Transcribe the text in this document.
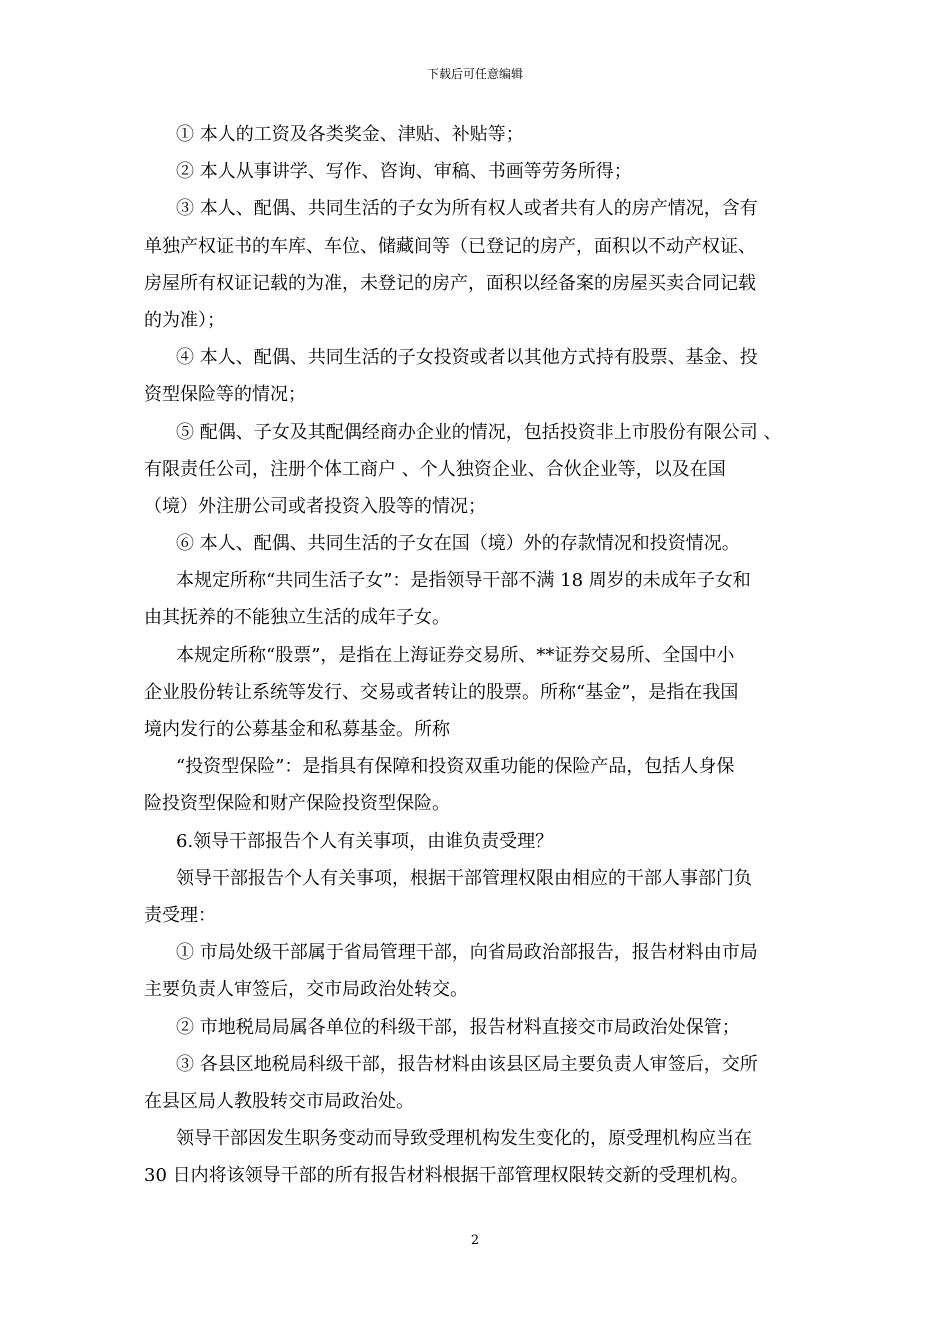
下载后可任意编辑
① 本人的工资及各类奖金、津贴、补贴等；
② 本人从事讲学、写作、咨询、审稿、书画等劳务所得；
③ 本人、配偶、共同生活的子女为所有权人或者共有人的房产情况，含有
单独产权证书的车库、车位、储藏间等（已登记的房产，面积以不动产权证、
房屋所有权证记载的为准，未登记的房产，面积以经备案的房屋买卖合同记载
的为准）；
④ 本人、配偶、共同生活的子女投资或者以其他方式持有股票、基金、投
资型保险等的情况；
⑤ 配偶、子女及其配偶经商办企业的情况，包括投资非上市股份有限公司 、
有限责任公司，注册个体工商户 、个人独资企业、合伙企业等，以及在国
（境）外注册公司或者投资入股等的情况；
⑥ 本人、配偶、共同生活的子女在国（境）外的存款情况和投资情况。
本规定所称“共同生活子女”：是指领导干部不满 18 周岁的未成年子女和
由其抚养的不能独立生活的成年子女。
本规定所称“股票”，是指在上海证券交易所、**证券交易所、全国中小
企业股份转让系统等发行、交易或者转让的股票。所称“基金”，是指在我国
境内发行的公募基金和私募基金。所称
“投资型保险”：是指具有保障和投资双重功能的保险产品，包括人身保
险投资型保险和财产保险投资型保险。
6.领导干部报告个人有关事项，由谁负责受理？
领导干部报告个人有关事项，根据干部管理权限由相应的干部人事部门负
责受理：
① 市局处级干部属于省局管理干部，向省局政治部报告，报告材料由市局
主要负责人审签后，交市局政治处转交。
② 市地税局局属各单位的科级干部，报告材料直接交市局政治处保管；
③ 各县区地税局科级干部，报告材料由该县区局主要负责人审签后，交所
在县区局人教股转交市局政治处。
领导干部因发生职务变动而导致受理机构发生变化的，原受理机构应当在
30 日内将该领导干部的所有报告材料根据干部管理权限转交新的受理机构。
2
